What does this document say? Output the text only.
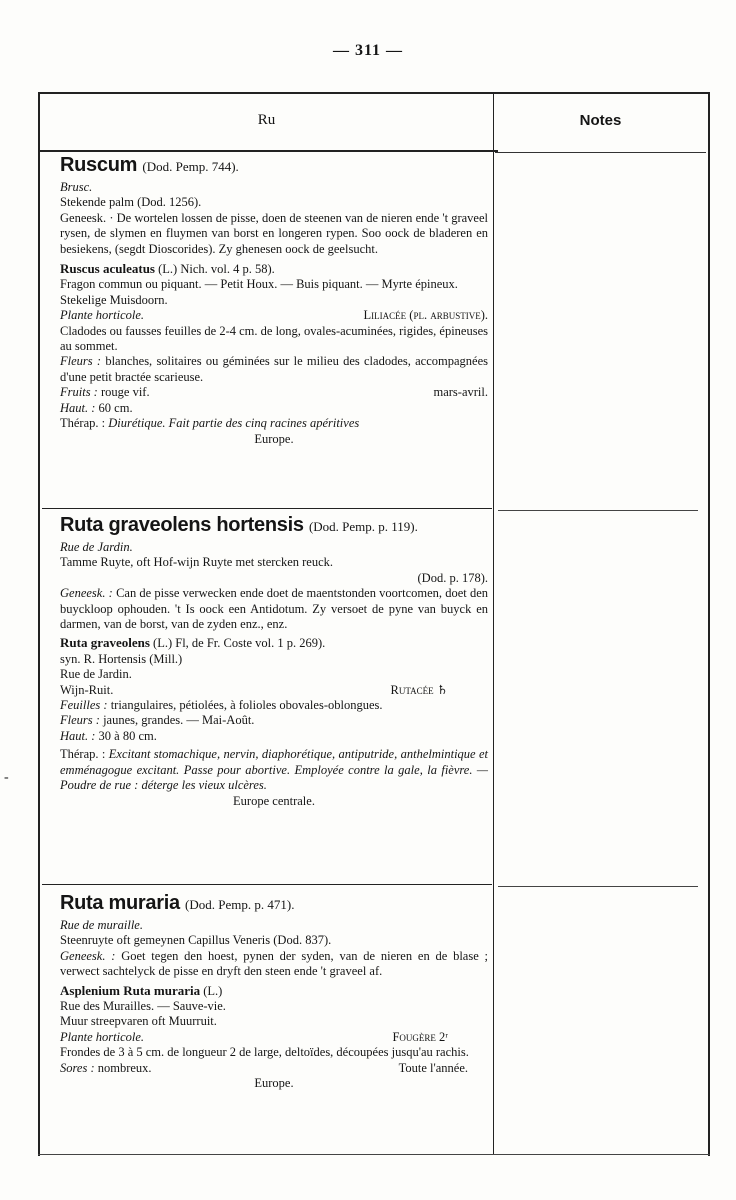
— 311 —
Ru	Notes
-

Ruscum (Dod. Pemp. 744).

Brusc.

Stekende palm (Dod. 1256).

Geneesk. · De wortelen lossen de pisse, doen de steenen van de nieren ende 't graveel rysen, de slymen en fluymen van borst en longeren rypen. Soo oock de bladeren en besiekens, (segdt Dioscorides). Zy ghenesen oock de geelsucht.

Ruscus aculeatus (L.) Nich. vol. 4 p. 58).

Fragon commun ou piquant. — Petit Houx. — Buis piquant. — Myrte épineux.

Stekelige Muisdoorn.

Plante horticole.	Liliacée (pl. arbustive).

Cladodes ou fausses feuilles de 2-4 cm. de long, ovales-acuminées, rigides, épineuses au sommet.

Fleurs : blanches, solitaires ou géminées sur le milieu des cladodes, accompagnées d'une petit bractée scarieuse.

Fruits : rouge vif.	mars-avril.

Haut. : 60 cm.

Thérap. : Diurétique. Fait partie des cinq racines apéritives

Europe.

Ruta graveolens hortensis (Dod. Pemp. p. 119).

Rue de Jardin.

Tamme Ruyte, oft Hof-wijn Ruyte met stercken reuck.

(Dod. p. 178).

Geneesk. : Can de pisse verwecken ende doet de maentstonden voortcomen, doet den buyckloop ophouden. 't Is oock een Antidotum. Zy versoet de pyne van buyck en darmen, van de borst, van de zyden enz., enz.

Ruta graveolens (L.) Fl, de Fr. Coste vol. 1 p. 269).

syn. R. Hortensis (Mill.)

Rue de Jardin.

Wijn-Ruit.	Rutacée ♄

Feuilles : triangulaires, pétiolées, à folioles obovales-oblongues.

Fleurs : jaunes, grandes. — Mai-Août.

Haut. : 30 à 80 cm.

Thérap. : Excitant stomachique, nervin, diaphorétique, antiputride, anthelmintique et emménagogue excitant. Passe pour abortive. Employée contre la gale, la fièvre. — Poudre de rue : déterge les vieux ulcères.

Europe centrale.

Ruta muraria (Dod. Pemp. p. 471).

Rue de muraille.

Steenruyte oft gemeynen Capillus Veneris (Dod. 837).

Geneesk. : Goet tegen den hoest, pynen der syden, van de nieren en de blase ; verwect sachtelyck de pisse en dryft den steen ende 't graveel af.

Asplenium Ruta muraria (L.)

Rue des Murailles. — Sauve-vie.

Muur streepvaren oft Muurruit.

Plante horticole.	Fougère 2ʳ

Frondes de 3 à 5 cm. de longueur 2 de large, deltoïdes, découpées jusqu'au rachis.

Sores : nombreux.	Toute l'année.

Europe.
